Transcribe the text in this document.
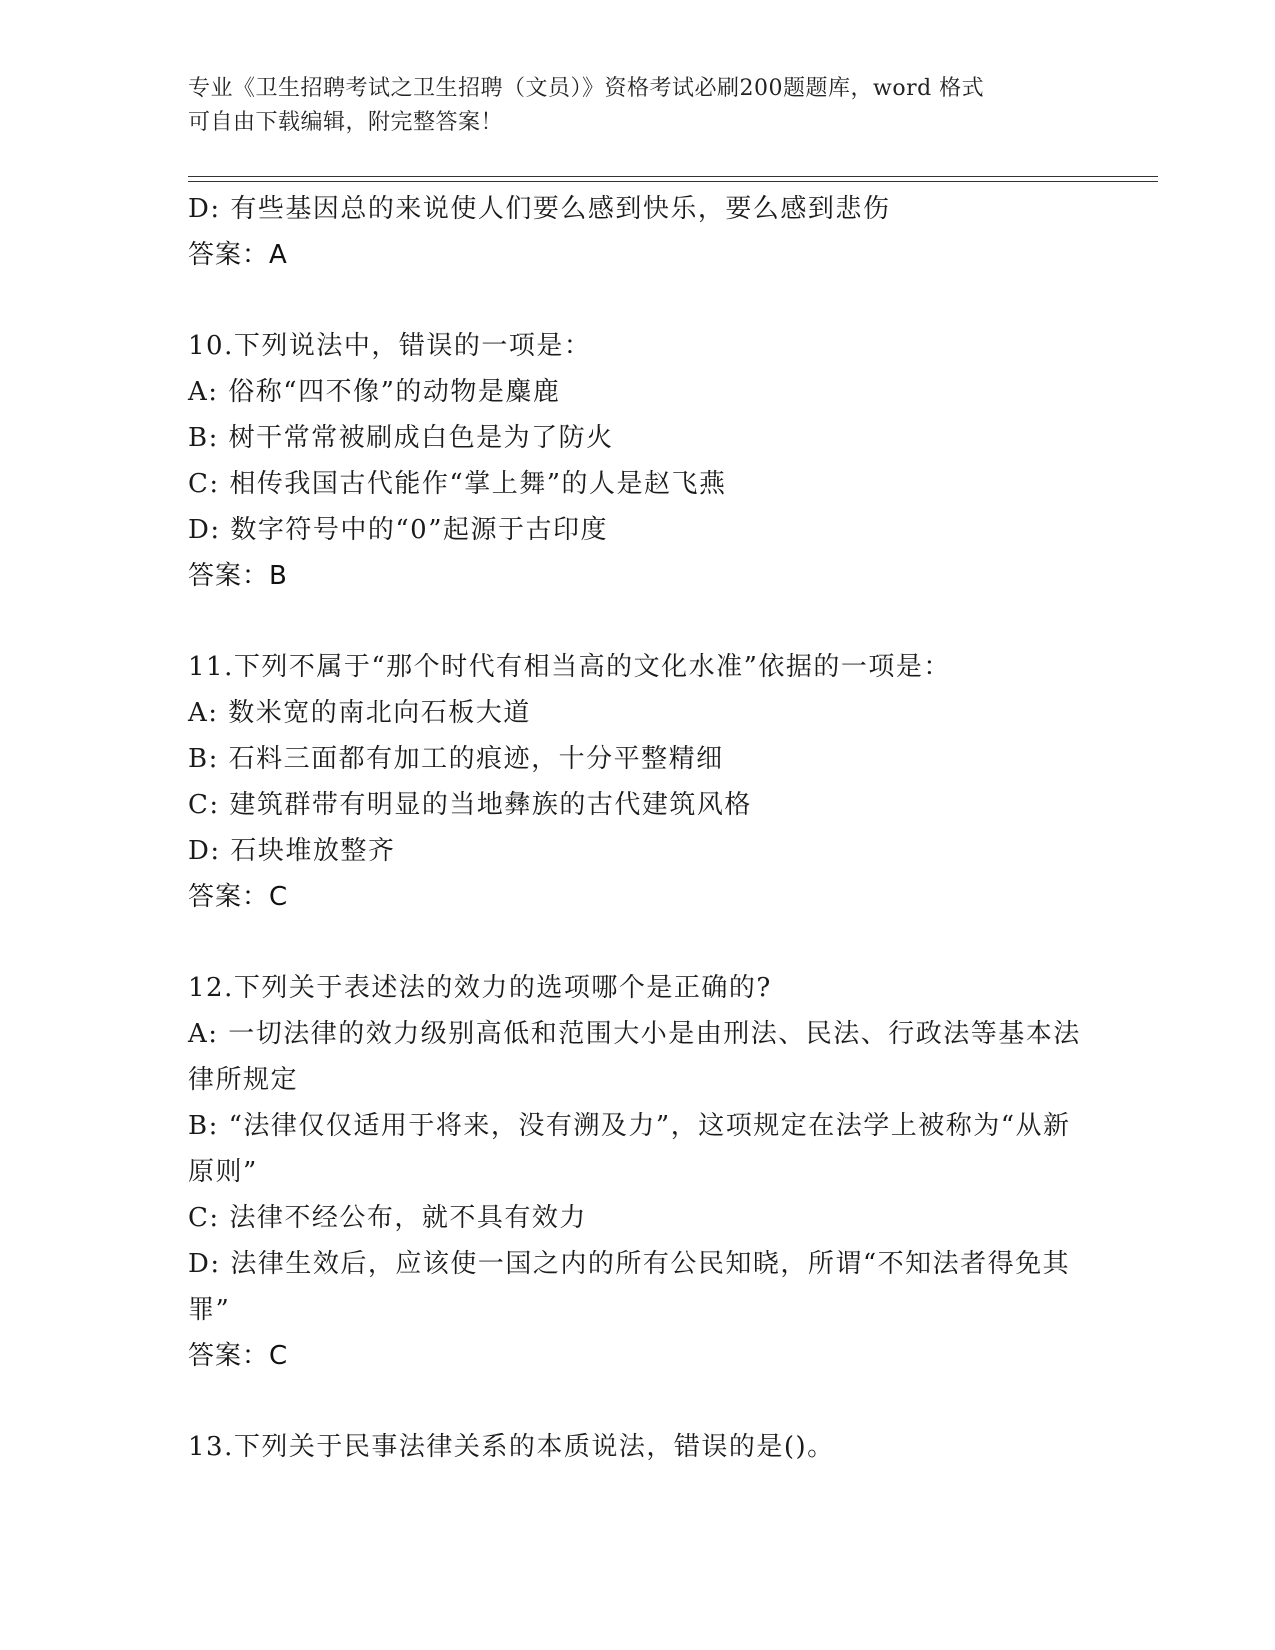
专业《卫生招聘考试之卫生招聘（文员）》资格考试必刷200题题库，word 格式
可自由下载编辑，附完整答案！
D: 有些基因总的来说使人们要么感到快乐，要么感到悲伤
答案：A
10.下列说法中，错误的一项是：
A: 俗称“四不像”的动物是麋鹿
B: 树干常常被刷成白色是为了防火
C: 相传我国古代能作“掌上舞”的人是赵飞燕
D: 数字符号中的“0”起源于古印度
答案：B
11.下列不属于“那个时代有相当高的文化水准”依据的一项是：
A: 数米宽的南北向石板大道
B: 石料三面都有加工的痕迹，十分平整精细
C: 建筑群带有明显的当地彝族的古代建筑风格
D: 石块堆放整齐
答案：C
12.下列关于表述法的效力的选项哪个是正确的?
A: 一切法律的效力级别高低和范围大小是由刑法、民法、行政法等基本法律所规定
B: “法律仅仅适用于将来，没有溯及力”，这项规定在法学上被称为“从新原则”
C: 法律不经公布，就不具有效力
D: 法律生效后，应该使一国之内的所有公民知晓，所谓“不知法者得免其罪”
答案：C
13.下列关于民事法律关系的本质说法，错误的是()。
